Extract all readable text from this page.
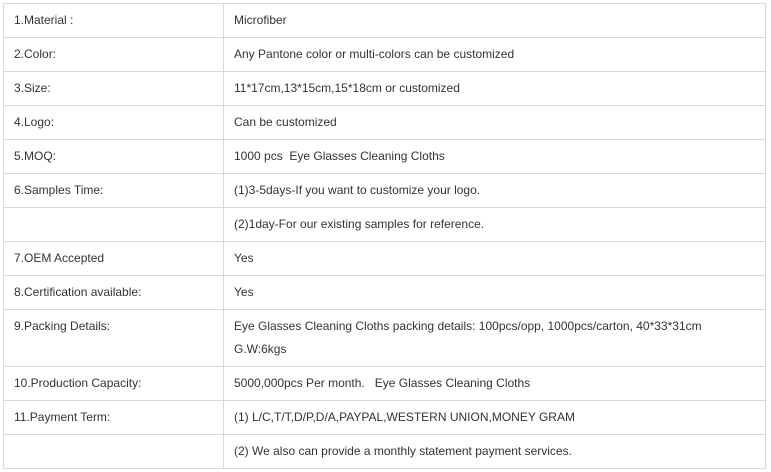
1.Material :	Microfiber

2.Color:	Any Pantone color or multi-colors can be customized

3.Size:	11*17cm,13*15cm,15*18cm or customized

4.Logo:	Can be customized

5.MOQ:	1000 pcs  Eye Glasses Cleaning Cloths

6.Samples Time:	(1)3-5days-If you want to customize your logo.

	(2)1day-For our existing samples for reference.

7.OEM Accepted	Yes

8.Certification available:	Yes

9.Packing Details:	Eye Glasses Cleaning Cloths packing details: 100pcs/opp, 1000pcs/carton, 40*33*31cm
G.W:6kgs

10.Production Capacity:	5000,000pcs Per month.   Eye Glasses Cleaning Cloths

11.Payment Term:	(1) L/C,T/T,D/P,D/A,PAYPAL,WESTERN UNION,MONEY GRAM

	(2) We also can provide a monthly statement payment services.
